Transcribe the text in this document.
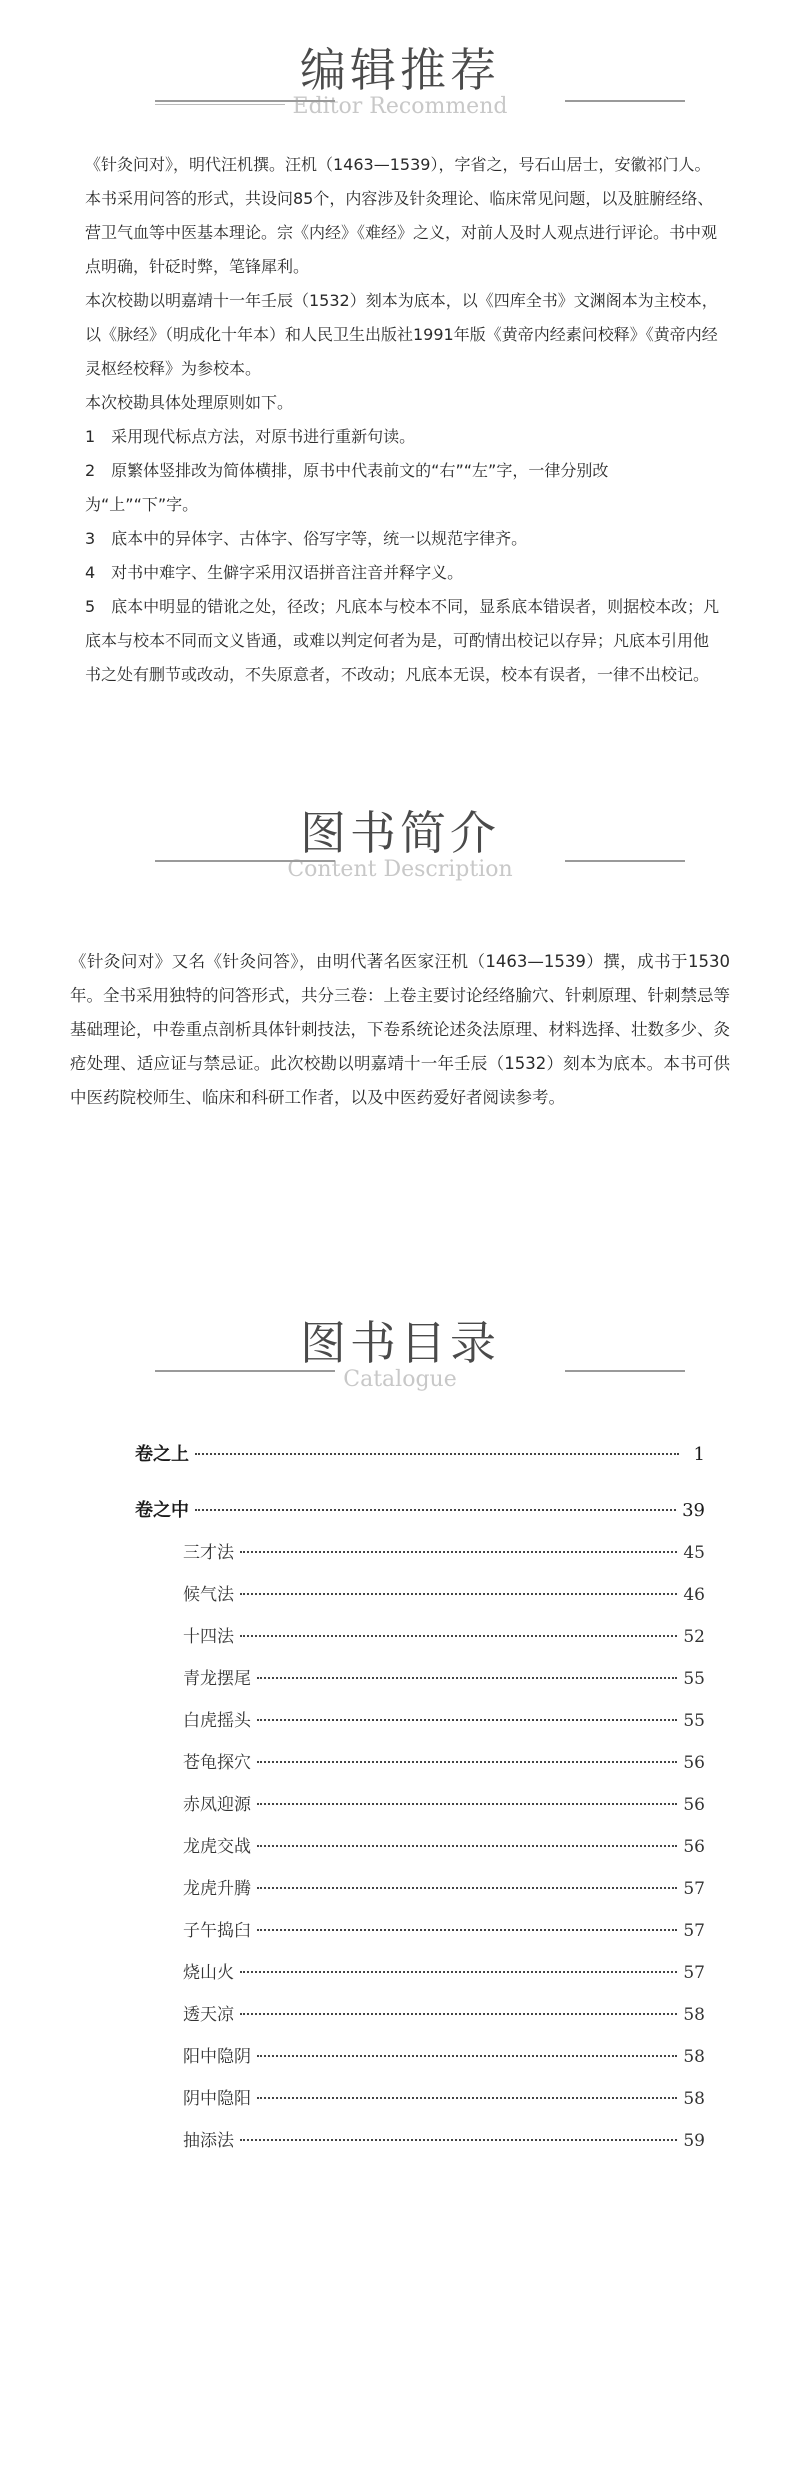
编辑推荐
Editor Recommend

《针灸问对》，明代汪机撰。汪机（1463—1539），字省之，号石山居士，安徽祁门人。

本书采用问答的形式，共设问85个，内容涉及针灸理论、临床常见问题，以及脏腑经络、营卫气血等中医基本理论。宗《内经》《难经》之义，对前人及时人观点进行评论。书中观点明确，针砭时弊，笔锋犀利。

本次校勘以明嘉靖十一年壬辰（1532）刻本为底本，以《四库全书》文渊阁本为主校本，以《脉经》（明成化十年本）和人民卫生出版社1991年版《黄帝内经素问校释》《黄帝内经灵枢经校释》为参校本。

本次校勘具体处理原则如下。

1　采用现代标点方法，对原书进行重新句读。

2　原繁体竖排改为简体横排，原书中代表前文的“右”“左”字，一律分别改为“上”“下”字。

3　底本中的异体字、古体字、俗写字等，统一以规范字律齐。

4　对书中难字、生僻字采用汉语拼音注音并释字义。

5　底本中明显的错讹之处，径改；凡底本与校本不同，显系底本错误者，则据校本改；凡底本与校本不同而文义皆通，或难以判定何者为是，可酌情出校记以存异；凡底本引用他书之处有删节或改动，不失原意者，不改动；凡底本无误，校本有误者，一律不出校记。

图书简介
Content Description

《针灸问对》又名《针灸问答》，由明代著名医家汪机（1463—1539）撰，成书于1530年。全书采用独特的问答形式，共分三卷：上卷主要讨论经络腧穴、针刺原理、针刺禁忌等基础理论，中卷重点剖析具体针刺技法，下卷系统论述灸法原理、材料选择、壮数多少、灸疮处理、适应证与禁忌证。此次校勘以明嘉靖十一年壬辰（1532）刻本为底本。本书可供中医药院校师生、临床和科研工作者，以及中医药爱好者阅读参考。

图书目录
Catalogue
卷之上	1
卷之中	39
三才法	45
候气法	46
十四法	52
青龙摆尾	55
白虎摇头	55
苍龟探穴	56
赤凤迎源	56
龙虎交战	56
龙虎升腾	57
子午捣臼	57
烧山火	57
透天凉	58
阳中隐阴	58
阴中隐阳	58
抽添法	59
